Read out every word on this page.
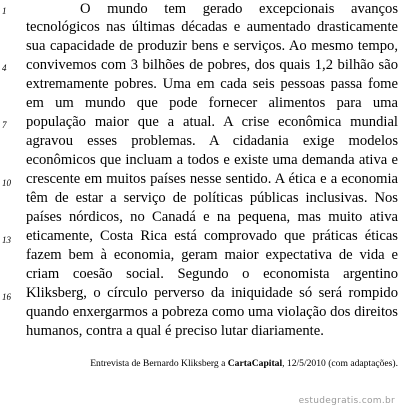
O mundo tem gerado excepcionais avanços
tecnológicos nas últimas décadas e aumentado drasticamente
sua capacidade de produzir bens e serviços. Ao mesmo tempo,
convivemos com 3 bilhões de pobres, dos quais 1,2 bilhão são
extremamente pobres. Uma em cada seis pessoas passa fome
em um mundo que pode fornecer alimentos para uma
população maior que a atual. A crise econômica mundial
agravou esses problemas. A cidadania exige modelos
econômicos que incluam a todos e existe uma demanda ativa e
crescente em muitos países nesse sentido. A ética e a economia
têm de estar a serviço de políticas públicas inclusivas. Nos
países nórdicos, no Canadá e na pequena, mas muito ativa
eticamente, Costa Rica está comprovado que práticas éticas
fazem bem à economia, geram maior expectativa de vida e
criam coesão social. Segundo o economista argentino
Kliksberg, o círculo perverso da iniquidade só será rompido
quando enxergarmos a pobreza como uma violação dos direitos
humanos, contra a qual é preciso lutar diariamente.
1
4
7
10
13
16
Entrevista de Bernardo Kliksberg a CartaCapital, 12/5/2010 (com adaptações).
estudegratis.com.br
